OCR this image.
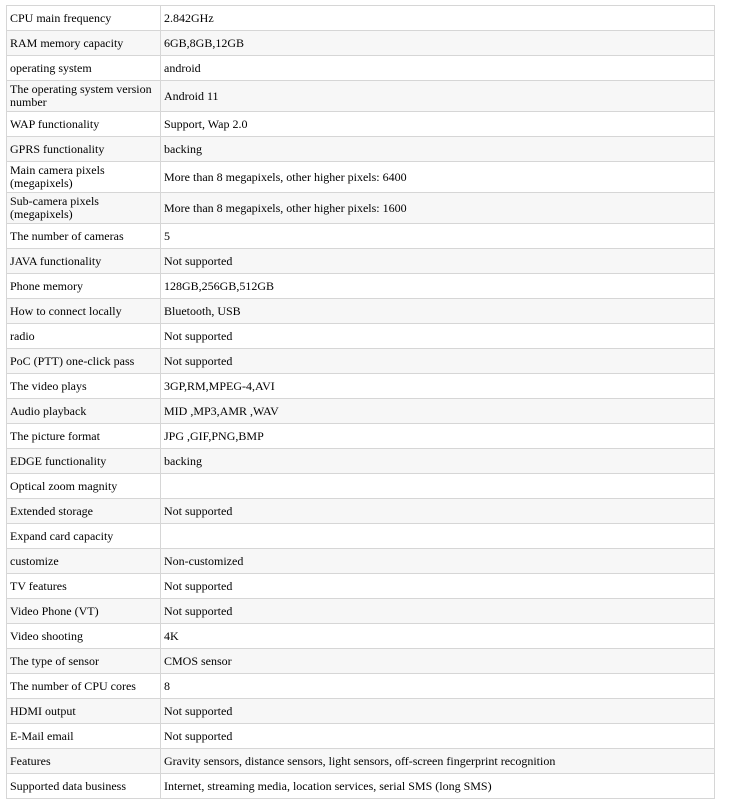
CPU main frequency	2.842GHz
RAM memory capacity	6GB,8GB,12GB
operating system	android
The operating system version number	Android 11
WAP functionality	Support, Wap 2.0
GPRS functionality	backing
Main camera pixels (megapixels)	More than 8 megapixels, other higher pixels: 6400
Sub-camera pixels (megapixels)	More than 8 megapixels, other higher pixels: 1600
The number of cameras	5
JAVA functionality	Not supported
Phone memory	128GB,256GB,512GB
How to connect locally	Bluetooth, USB
radio	Not supported
PoC (PTT) one-click pass	Not supported
The video plays	3GP,RM,MPEG-4,AVI
Audio playback	MID ,MP3,AMR ,WAV
The picture format	JPG ,GIF,PNG,BMP
EDGE functionality	backing
Optical zoom magnity	
Extended storage	Not supported
Expand card capacity	
customize	Non-customized
TV features	Not supported
Video Phone (VT)	Not supported
Video shooting	4K
The type of sensor	CMOS sensor
The number of CPU cores	8
HDMI output	Not supported
E-Mail email	Not supported
Features	Gravity sensors, distance sensors, light sensors, off-screen fingerprint recognition
Supported data business	Internet, streaming media, location services, serial SMS (long SMS)
